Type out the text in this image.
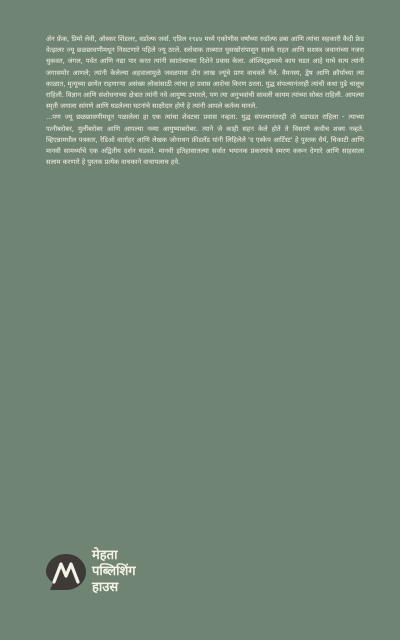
ॲन फ्रँक, प्रिमो लेवी, ऑस्कर शिंडलर, वर्डाल्फ जर्वा. एप्रिल १९४४ मध्ये एकोणीस वर्षांच्या रुडॉल्फ व्रबा आणि त्यांचा सहकारी कैदी फ्रेड वेत्झलर ज्यू छळछावणीमधून निसटणारे पहिले ज्यू ठरले. स्लोवाक ताब्यात घुसखोरांपासून सतर्क राहत आणि सशस्त्र जवानांच्या नजरा चुकवत, जंगल, पर्वत आणि नद्या पार करत त्यांनी स्वातंत्र्याच्या दिशेने प्रवास केला. ऑश्विट्झमध्ये काय घडत आहे याचे सत्य त्यांनी जगासमोर आणले; त्यांनी केलेल्या अहवालामुळे जवळपास दोन लाख ज्यूंचे प्राण वाचवले गेले. वैमनस्य, द्वेष आणि क्रौर्याच्या त्या काळात, मृत्यूच्या छायेत राहणाऱ्या असंख्य लोकांसाठी त्यांचा हा प्रवास आशेचा किरण ठरला. युद्ध संपल्यानंतरही त्यांची कथा पुढे चालूच राहिली. विज्ञान आणि संशोधनाच्या क्षेत्रात त्यांनी नवे आयुष्य उभारले, पण त्या अनुभवांची सावली कायम त्यांच्या सोबत राहिली. आपल्या स्मृती जगाला सांगणे आणि घडलेल्या घटनांचे साक्षीदार होणे हे त्यांनी आपले कर्तव्य मानले.

...पण ज्यू छळछावणीमधून पळालेला हा एक त्यांचा शेवटचा प्रवास नव्हता. युद्ध संपल्यानंतरही तो धडपडत राहिला - त्याच्या पत्नीबरोबर, मुलींबरोबर आणि आपल्या नव्या आयुष्याबरोबर. त्याने जे काही सहन केले होते ते विसरणे कधीच शक्य नव्हते. व्हिएन्नामधील पत्रकार, रेडिओ वार्ताहर आणि लेखक जोनाथन फ्रीडलँड यांनी लिहिलेले 'द एस्केप आर्टिस्ट' हे पुस्तक धैर्य, चिकाटी आणि मानवी सामर्थ्याचे एक अद्वितीय दर्शन घडवते. मानवी इतिहासातल्या सर्वात भयानक प्रकरणांचे स्मरण करून देणारे आणि साहसाला सलाम करणारे हे पुस्तक प्रत्येक वाचकाने वाचायलाच हवे.

मेहता
पब्लिशिंग
हाउस
